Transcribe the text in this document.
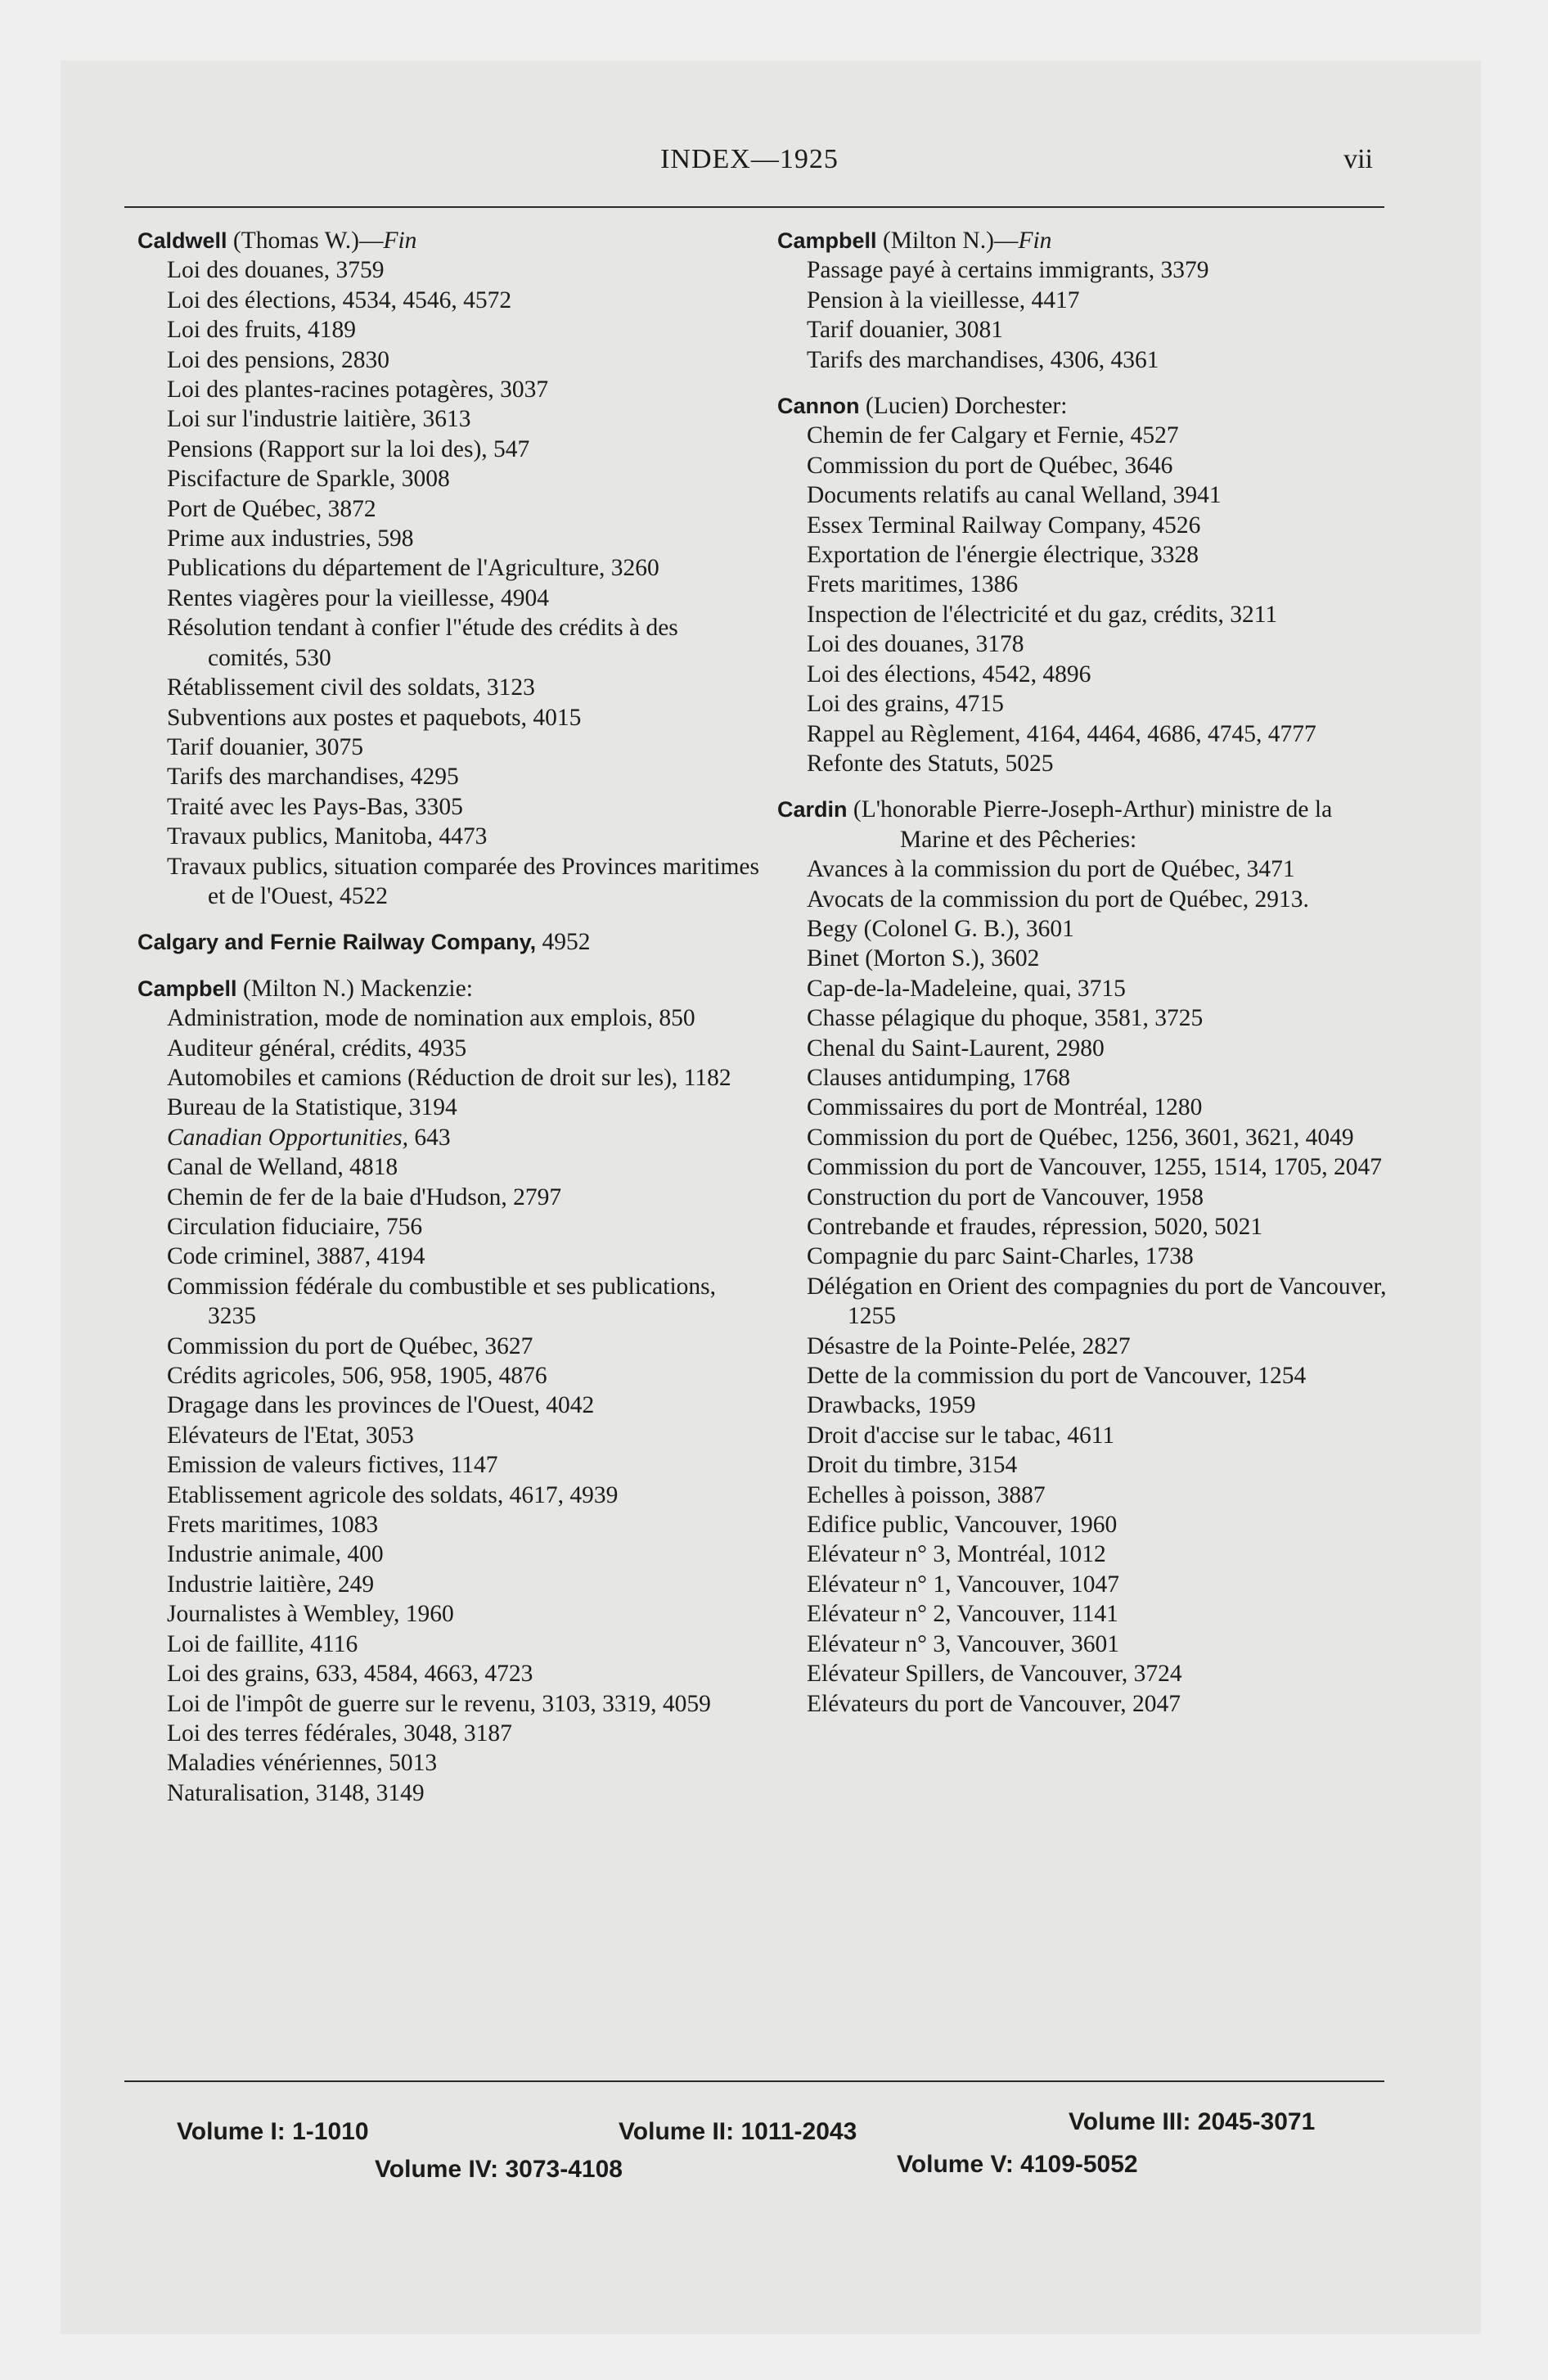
INDEX—1925	vii
Caldwell (Thomas W.)—Fin
Loi des douanes, 3759
Loi des élections, 4534, 4546, 4572
Loi des fruits, 4189
Loi des pensions, 2830
Loi des plantes-racines potagères, 3037
Loi sur l'industrie laitière, 3613
Pensions (Rapport sur la loi des), 547
Piscifacture de Sparkle, 3008
Port de Québec, 3872
Prime aux industries, 598
Publications du département de l'Agriculture, 3260
Rentes viagères pour la vieillesse, 4904
Résolution tendant à confier l"étude des crédits à des comités, 530
Rétablissement civil des soldats, 3123
Subventions aux postes et paquebots, 4015
Tarif douanier, 3075
Tarifs des marchandises, 4295
Traité avec les Pays-Bas, 3305
Travaux publics, Manitoba, 4473
Travaux publics, situation comparée des Provinces maritimes et de l'Ouest, 4522
Calgary and Fernie Railway Company, 4952
Campbell (Milton N.) Mackenzie:
Administration, mode de nomination aux emplois, 850
Auditeur général, crédits, 4935
Automobiles et camions (Réduction de droit sur les), 1182
Bureau de la Statistique, 3194
Canadian Opportunities, 643
Canal de Welland, 4818
Chemin de fer de la baie d'Hudson, 2797
Circulation fiduciaire, 756
Code criminel, 3887, 4194
Commission fédérale du combustible et ses publications, 3235
Commission du port de Québec, 3627
Crédits agricoles, 506, 958, 1905, 4876
Dragage dans les provinces de l'Ouest, 4042
Elévateurs de l'Etat, 3053
Emission de valeurs fictives, 1147
Etablissement agricole des soldats, 4617, 4939
Frets maritimes, 1083
Industrie animale, 400
Industrie laitière, 249
Journalistes à Wembley, 1960
Loi de faillite, 4116
Loi des grains, 633, 4584, 4663, 4723
Loi de l'impôt de guerre sur le revenu, 3103, 3319, 4059
Loi des terres fédérales, 3048, 3187
Maladies vénériennes, 5013
Naturalisation, 3148, 3149
Campbell (Milton N.)—Fin
Passage payé à certains immigrants, 3379
Pension à la vieillesse, 4417
Tarif douanier, 3081
Tarifs des marchandises, 4306, 4361
Cannon (Lucien) Dorchester:
Chemin de fer Calgary et Fernie, 4527
Commission du port de Québec, 3646
Documents relatifs au canal Welland, 3941
Essex Terminal Railway Company, 4526
Exportation de l'énergie électrique, 3328
Frets maritimes, 1386
Inspection de l'électricité et du gaz, crédits, 3211
Loi des douanes, 3178
Loi des élections, 4542, 4896
Loi des grains, 4715
Rappel au Règlement, 4164, 4464, 4686, 4745, 4777
Refonte des Statuts, 5025
Cardin (L'honorable Pierre-Joseph-Arthur) ministre de la Marine et des Pêcheries:
Avances à la commission du port de Québec, 3471
Avocats de la commission du port de Québec, 2913.
Begy (Colonel G. B.), 3601
Binet (Morton S.), 3602
Cap-de-la-Madeleine, quai, 3715
Chasse pélagique du phoque, 3581, 3725
Chenal du Saint-Laurent, 2980
Clauses antidumping, 1768
Commissaires du port de Montréal, 1280
Commission du port de Québec, 1256, 3601, 3621, 4049
Commission du port de Vancouver, 1255, 1514, 1705, 2047
Construction du port de Vancouver, 1958
Contrebande et fraudes, répression, 5020, 5021
Compagnie du parc Saint-Charles, 1738
Délégation en Orient des compagnies du port de Vancouver, 1255
Désastre de la Pointe-Pelée, 2827
Dette de la commission du port de Vancouver, 1254
Drawbacks, 1959
Droit d'accise sur le tabac, 4611
Droit du timbre, 3154
Echelles à poisson, 3887
Edifice public, Vancouver, 1960
Elévateur n° 3, Montréal, 1012
Elévateur n° 1, Vancouver, 1047
Elévateur n° 2, Vancouver, 1141
Elévateur n° 3, Vancouver, 3601
Elévateur Spillers, de Vancouver, 3724
Elévateurs du port de Vancouver, 2047
Volume I: 1-1010	Volume II: 1011-2043	Volume III: 2045-3071
Volume IV: 3073-4108	Volume V: 4109-5052
